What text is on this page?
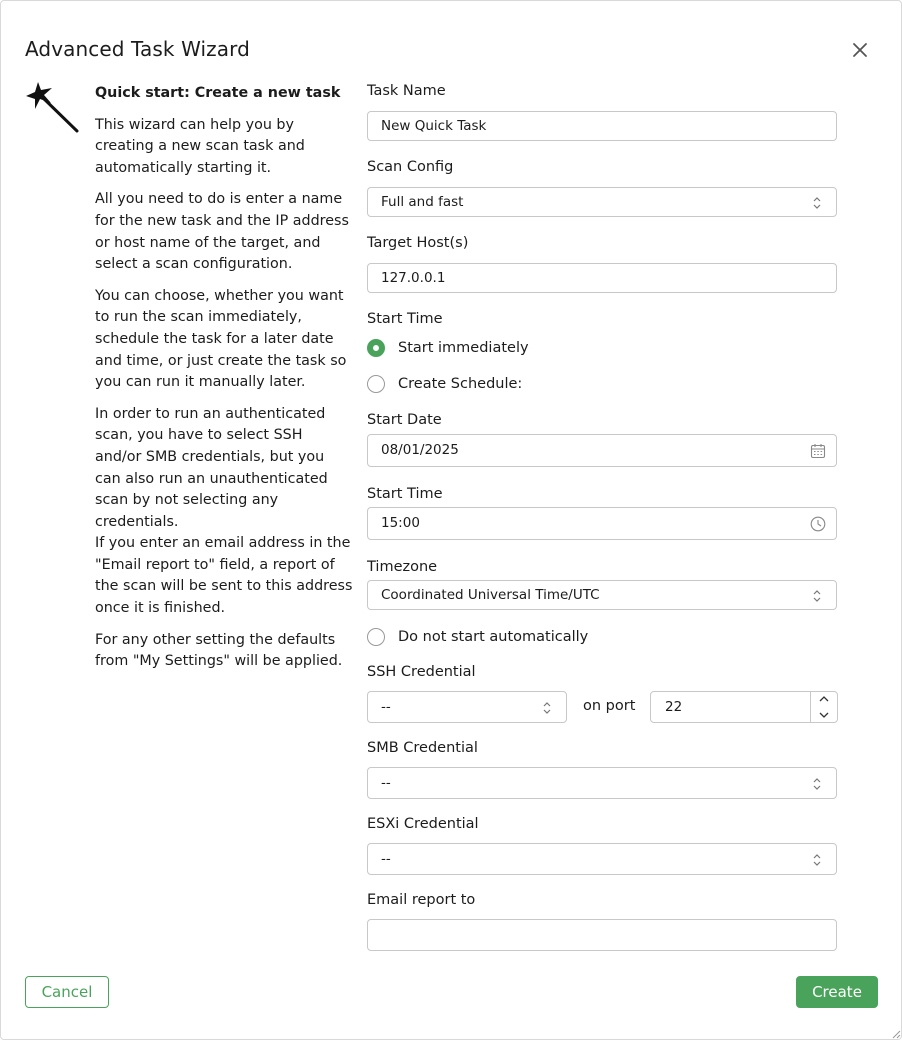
Advanced Task Wizard

Quick start: Create a new task

This wizard can help you by creating a new scan task and automatically starting it.

All you need to do is enter a name for the new task and the IP address or host name of the target, and select a scan configuration.

You can choose, whether you want to run the scan immediately, schedule the task for a later date and time, or just create the task so you can run it manually later.

In order to run an authenticated scan, you have to select SSH and/or SMB credentials, but you can also run an unauthenticated scan by not selecting any credentials.

If you enter an email address in the "Email report to" field, a report of the scan will be sent to this address once it is finished.

For any other setting the defaults from "My Settings" will be applied.

Task Name
New Quick Task
Scan Config
Full and fast
Target Host(s)
127.0.0.1
Start Time
Start immediately
Create Schedule:
Start Date
08/01/2025
Start Time
15:00
Timezone
Coordinated Universal Time/UTC
Do not start automatically
SSH Credential
--	on port 22
SMB Credential
--
ESXi Credential
--
Email report to
Cancel	Create
